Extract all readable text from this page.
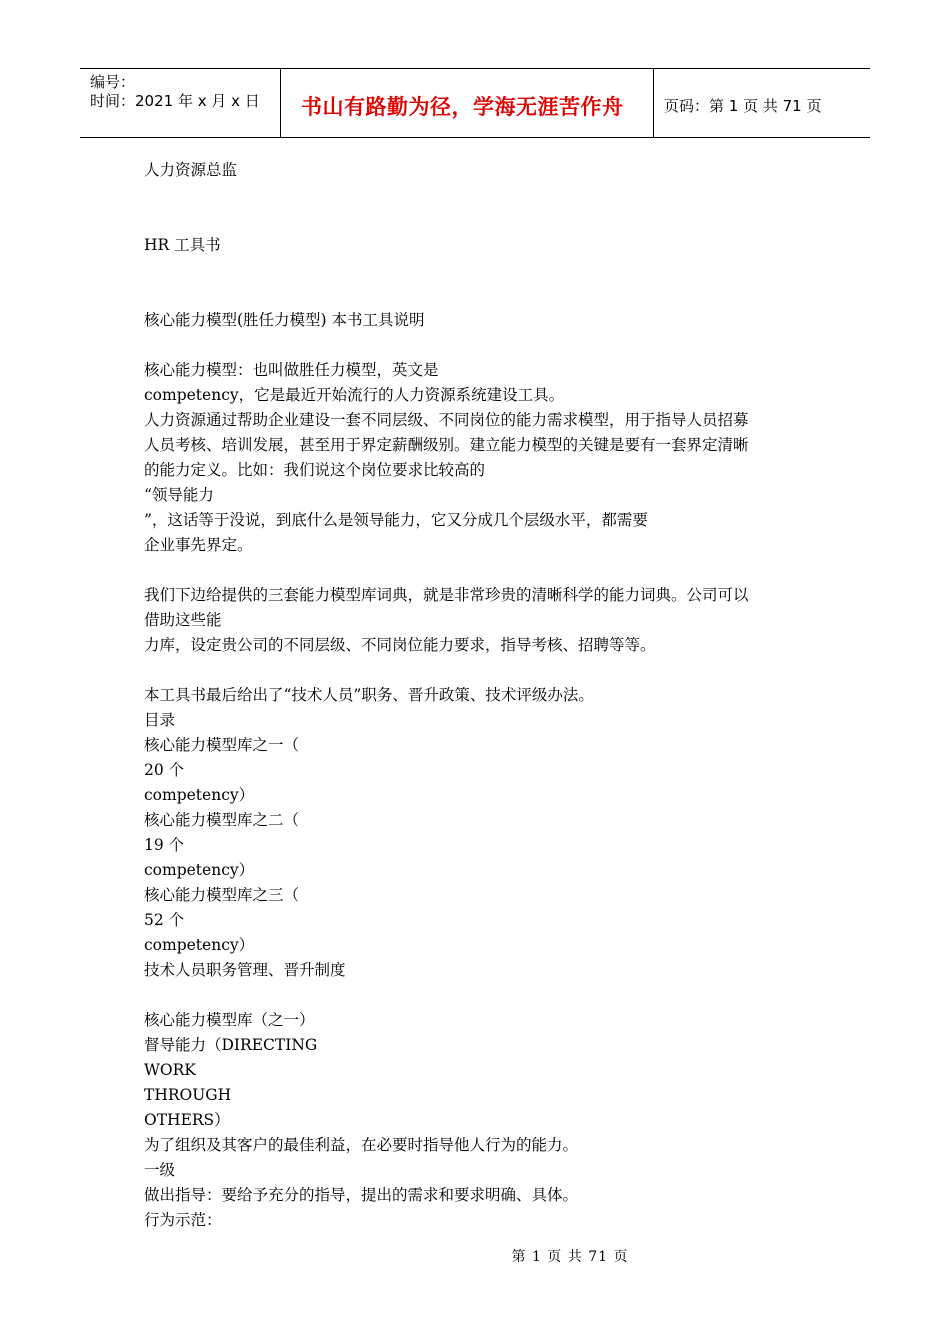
编号：
时间：2021 年 x 月 x 日	书山有路勤为径，学海无涯苦作舟	页码：第 1 页 共 71 页

人力资源总监

HR 工具书

核心能力模型(胜任力模型) 本书工具说明

核心能力模型：也叫做胜任力模型，英文是

competency，它是最近开始流行的人力资源系统建设工具。

人力资源通过帮助企业建设一套不同层级、不同岗位的能力需求模型，用于指导人员招募

人员考核、培训发展，甚至用于界定薪酬级别。建立能力模型的关键是要有一套界定清晰

的能力定义。比如：我们说这个岗位要求比较高的

“领导能力

”，这话等于没说，到底什么是领导能力，它又分成几个层级水平，都需要

企业事先界定。

我们下边给提供的三套能力模型库词典，就是非常珍贵的清晰科学的能力词典。公司可以

借助这些能

力库，设定贵公司的不同层级、不同岗位能力要求，指导考核、招聘等等。

本工具书最后给出了“技术人员”职务、晋升政策、技术评级办法。

目录

核心能力模型库之一（

20 个

competency）

核心能力模型库之二（

19 个

competency）

核心能力模型库之三（

52 个

competency）

技术人员职务管理、晋升制度

核心能力模型库（之一）

督导能力（DIRECTING

WORK

THROUGH

OTHERS）

为了组织及其客户的最佳利益，在必要时指导他人行为的能力。

一级

做出指导：要给予充分的指导，提出的需求和要求明确、具体。

行为示范：

第 1 页 共 71 页
